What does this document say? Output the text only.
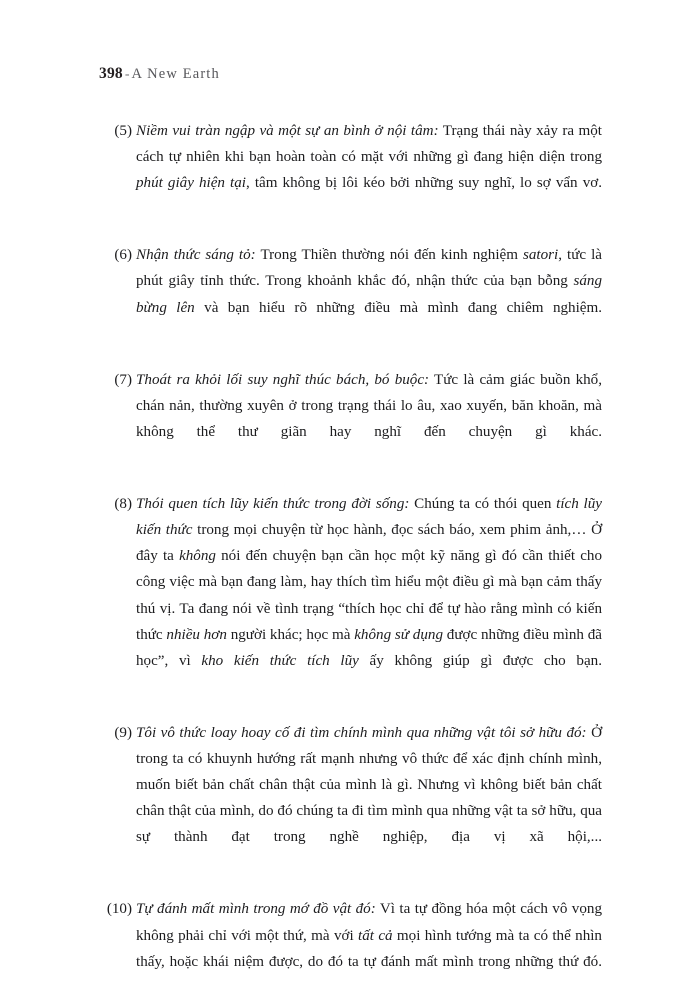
398 - A New Earth
(5) Niềm vui tràn ngập và một sự an bình ở nội tâm: Trạng thái này xảy ra một cách tự nhiên khi bạn hoàn toàn có mặt với những gì đang hiện diện trong phút giây hiện tại, tâm không bị lôi kéo bởi những suy nghĩ, lo sợ vẩn vơ.
(6) Nhận thức sáng tỏ: Trong Thiền thường nói đến kinh nghiệm satori, tức là phút giây tỉnh thức. Trong khoảnh khắc đó, nhận thức của bạn bỗng sáng bừng lên và bạn hiểu rõ những điều mà mình đang chiêm nghiệm.
(7) Thoát ra khỏi lối suy nghĩ thúc bách, bó buộc: Tức là cảm giác buồn khổ, chán nản, thường xuyên ở trong trạng thái lo âu, xao xuyến, băn khoăn, mà không thể thư giãn hay nghĩ đến chuyện gì khác.
(8) Thói quen tích lũy kiến thức trong đời sống: Chúng ta có thói quen tích lũy kiến thức trong mọi chuyện từ học hành, đọc sách báo, xem phim ảnh,… Ở đây ta không nói đến chuyện bạn cần học một kỹ năng gì đó cần thiết cho công việc mà bạn đang làm, hay thích tìm hiểu một điều gì mà bạn cảm thấy thú vị. Ta đang nói về tình trạng “thích học chỉ để tự hào rằng mình có kiến thức nhiều hơn người khác; học mà không sử dụng được những điều mình đã học”, vì kho kiến thức tích lũy ấy không giúp gì được cho bạn.
(9) Tôi vô thức loay hoay cố đi tìm chính mình qua những vật tôi sở hữu đó: Ở trong ta có khuynh hướng rất mạnh nhưng vô thức để xác định chính mình, muốn biết bản chất chân thật của mình là gì. Nhưng vì không biết bản chất chân thật của mình, do đó chúng ta đi tìm mình qua những vật ta sở hữu, qua sự thành đạt trong nghề nghiệp, địa vị xã hội,...
(10) Tự đánh mất mình trong mớ đồ vật đó: Vì ta tự đồng hóa một cách vô vọng không phải chỉ với một thứ, mà với tất cả mọi hình tướng mà ta có thể nhìn thấy, hoặc khái niệm được, do đó ta tự đánh mất mình trong những thứ đó.
